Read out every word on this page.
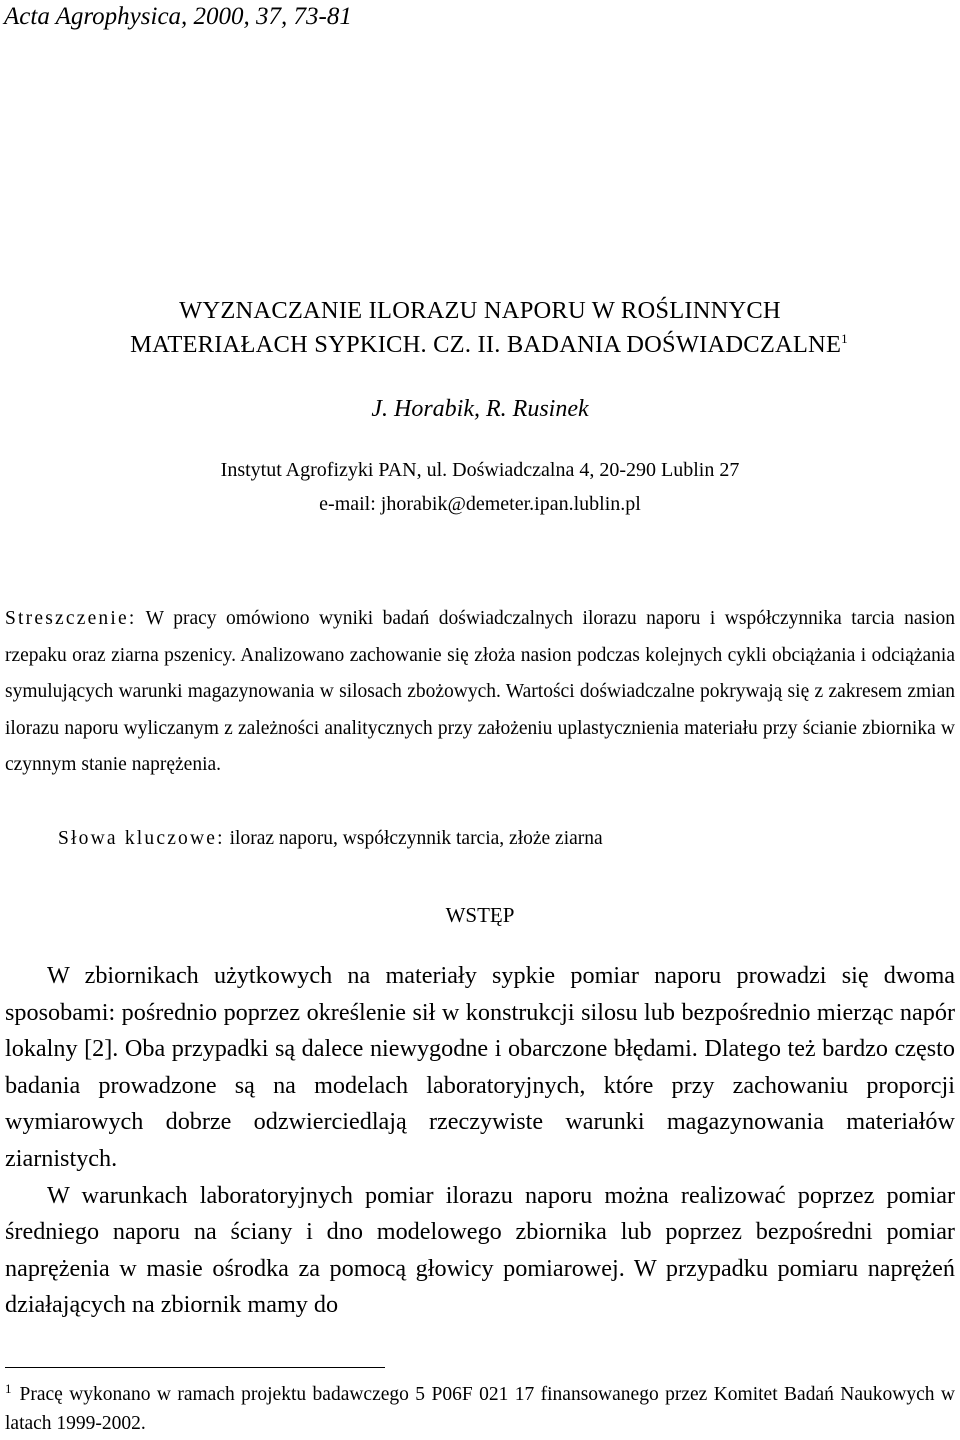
Acta Agrophysica, 2000, 37, 73-81
WYZNACZANIE ILORAZU NAPORU W ROŚLINNYCH
MATERIAŁACH SYPKICH. CZ. II. BADANIA DOŚWIADCZALNE$^1$
J. Horabik, R. Rusinek
Instytut Agrofizyki PAN, ul. Doświadczalna 4, 20-290 Lublin 27
e-mail: jhorabik@demeter.ipan.lublin.pl
Streszczenie: W pracy omówiono wyniki badań doświadczalnych ilorazu naporu i współczynnika tarcia nasion rzepaku oraz ziarna pszenicy. Analizowano zachowanie się złoża nasion podczas kolejnych cykli obciążania i odciążania symulujących warunki magazynowania w silosach zbożowych. Wartości doświadczalne pokrywają się z zakresem zmian ilorazu naporu wyliczanym z zależności analitycznych przy założeniu uplastycznienia materiału przy ścianie zbiornika w czynnym stanie naprężenia.
Słowa kluczowe: iloraz naporu, współczynnik tarcia, złoże ziarna
WSTĘP

W zbiornikach użytkowych na materiały sypkie pomiar naporu prowadzi się dwoma sposobami: pośrednio poprzez określenie sił w konstrukcji silosu lub bezpośrednio mierząc napór lokalny [2]. Oba przypadki są dalece niewygodne i obarczone błędami. Dlatego też bardzo często badania prowadzone są na modelach laboratoryjnych, które przy zachowaniu proporcji wymiarowych dobrze odzwierciedlają rzeczywiste warunki magazynowania materiałów ziarnistych.

W warunkach laboratoryjnych pomiar ilorazu naporu można realizować poprzez pomiar średniego naporu na ściany i dno modelowego zbiornika lub poprzez bezpośredni pomiar naprężenia w masie ośrodka za pomocą głowicy pomiarowej. W przypadku pomiaru naprężeń działających na zbiornik mamy do

$^1$ Pracę wykonano w ramach projektu badawczego 5 P06F 021 17 finansowanego przez Komitet Badań Naukowych w latach 1999-2002.
